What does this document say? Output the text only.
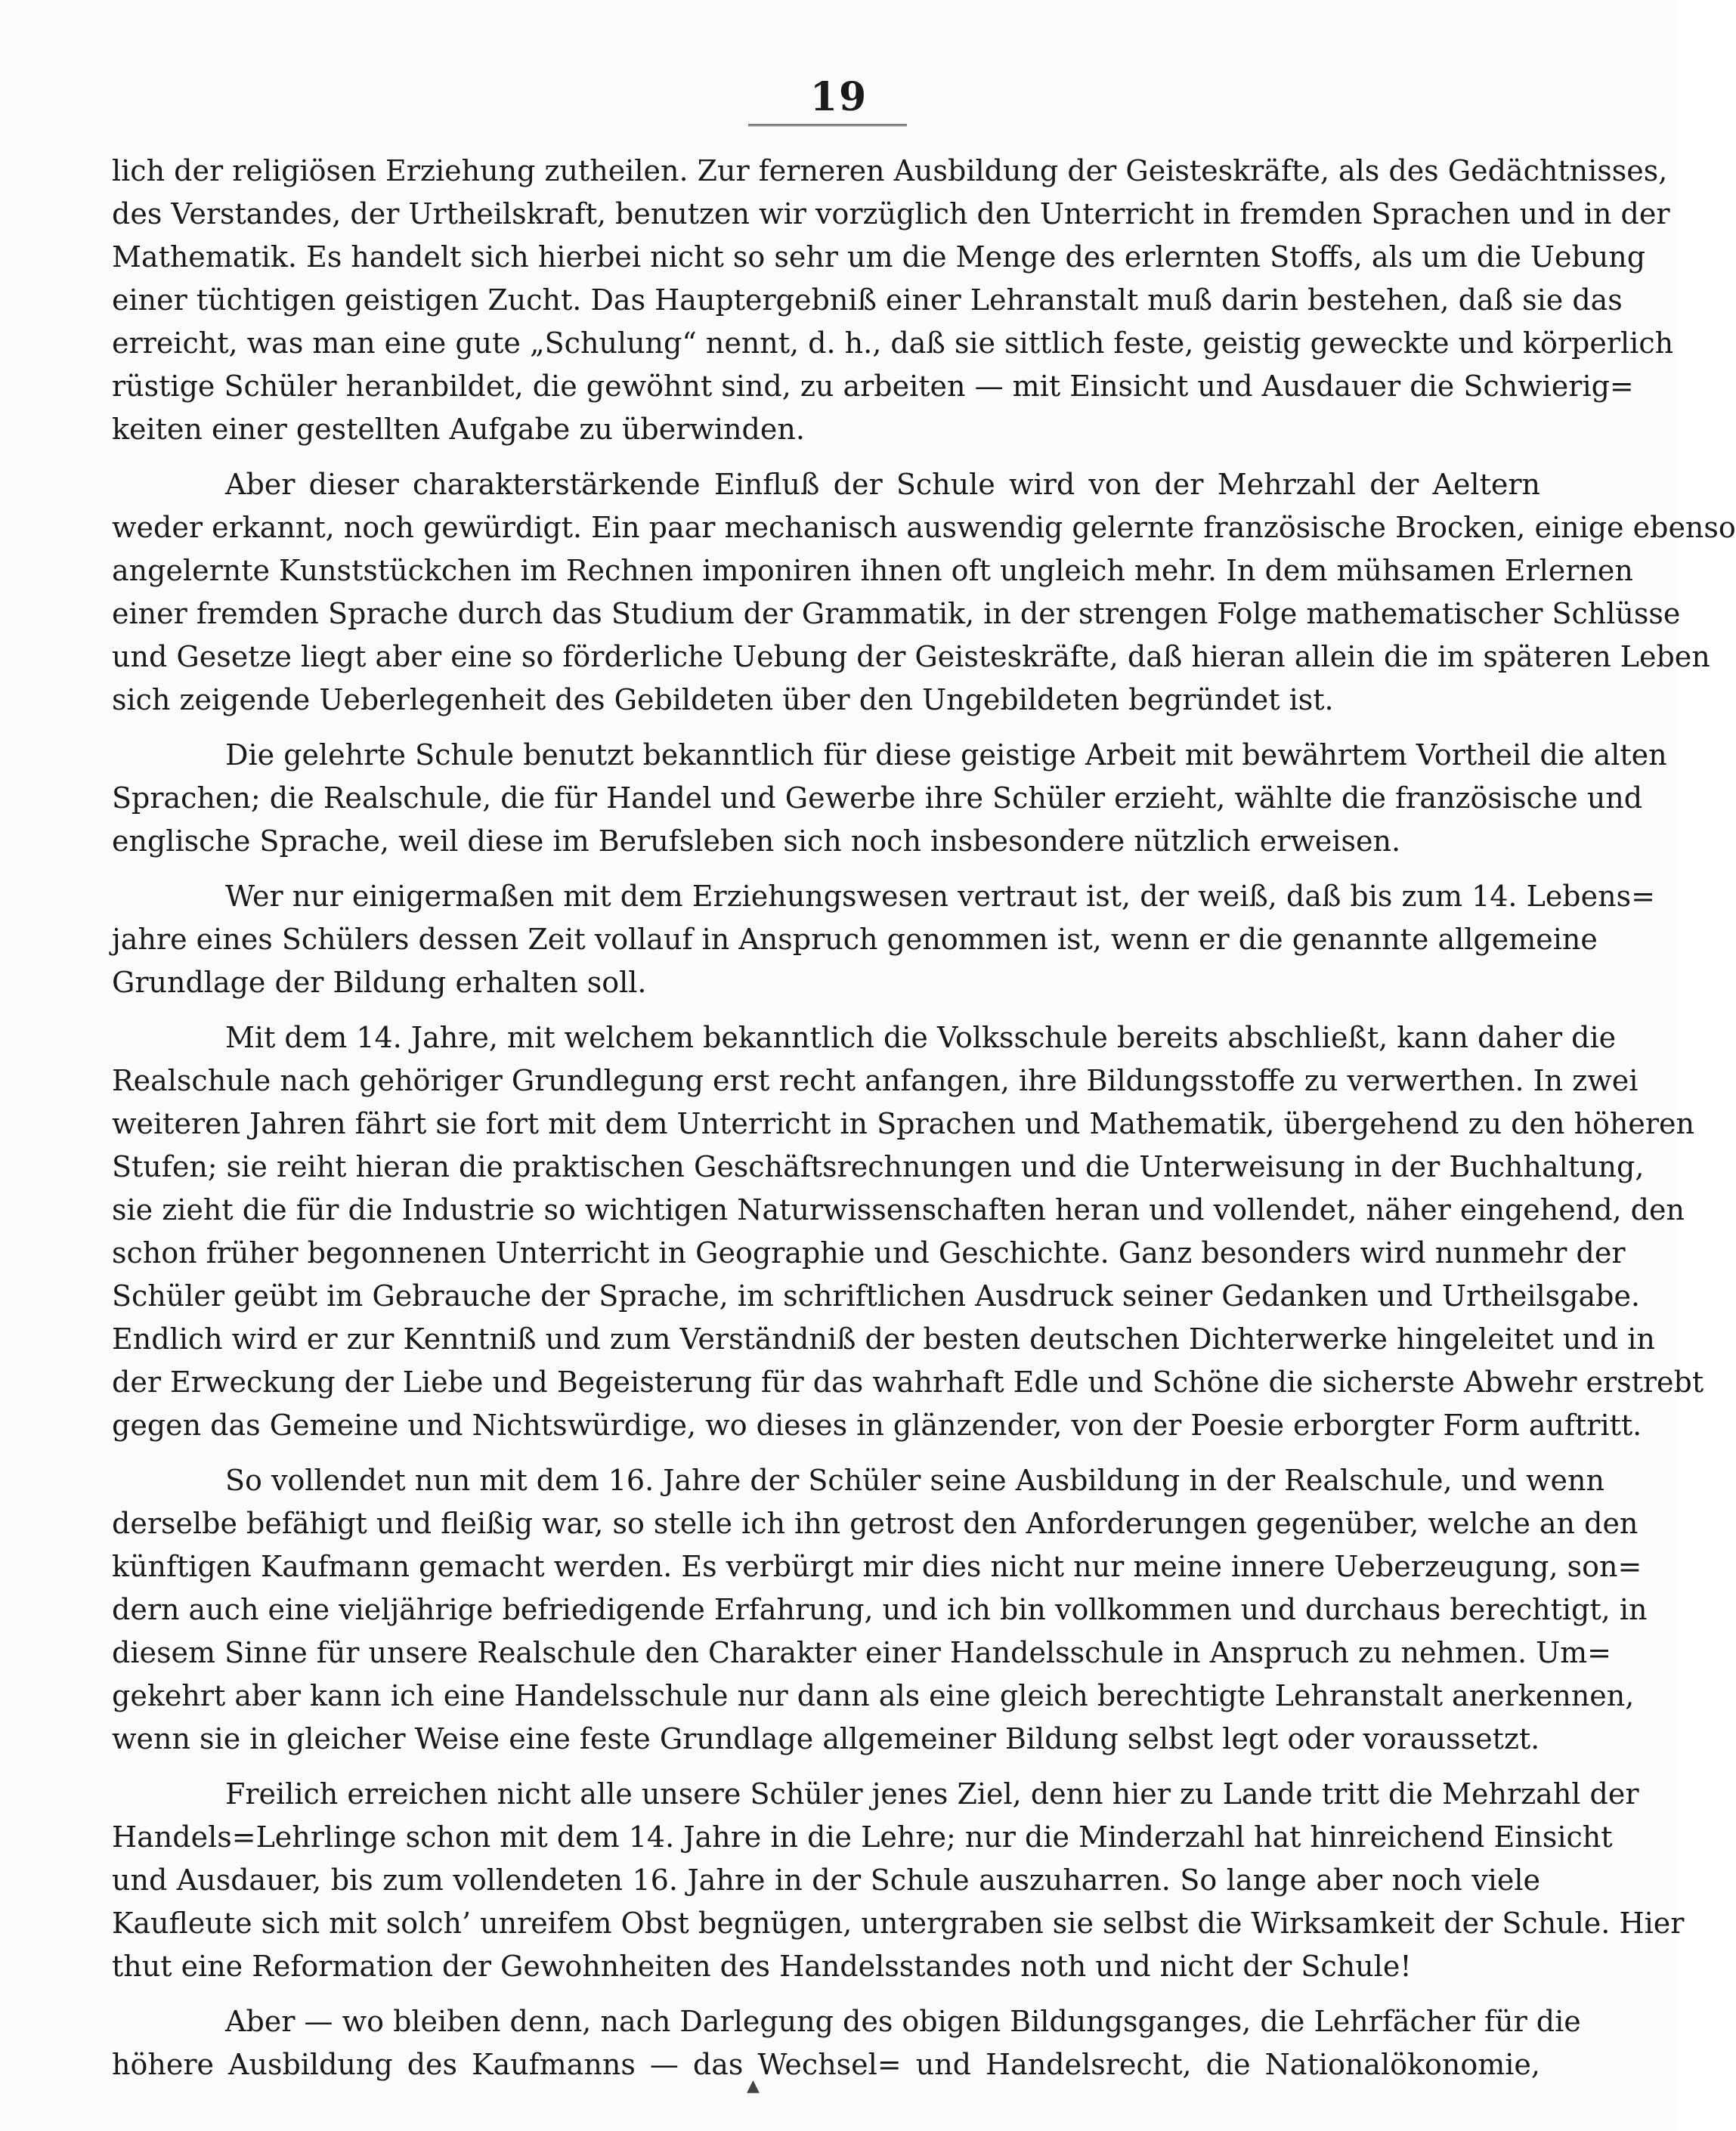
19
lich der religiösen Erziehung zutheilen. Zur ferneren Ausbildung der Geisteskräfte, als des Gedächtnisses,
des Verstandes, der Urtheilskraft, benutzen wir vorzüglich den Unterricht in fremden Sprachen und in der
Mathematik. Es handelt sich hierbei nicht so sehr um die Menge des erlernten Stoffs, als um die Uebung
einer tüchtigen geistigen Zucht. Das Hauptergebniß einer Lehranstalt muß darin bestehen, daß sie das
erreicht, was man eine gute „Schulung“ nennt, d. h., daß sie sittlich feste, geistig geweckte und körperlich
rüstige Schüler heranbildet, die gewöhnt sind, zu arbeiten — mit Einsicht und Ausdauer die Schwierig=
keiten einer gestellten Aufgabe zu überwinden.
Aber dieser charakterstärkende Einfluß der Schule wird von der Mehrzahl der Aeltern
weder erkannt, noch gewürdigt. Ein paar mechanisch auswendig gelernte französische Brocken, einige ebenso
angelernte Kunststückchen im Rechnen imponiren ihnen oft ungleich mehr. In dem mühsamen Erlernen
einer fremden Sprache durch das Studium der Grammatik, in der strengen Folge mathematischer Schlüsse
und Gesetze liegt aber eine so förderliche Uebung der Geisteskräfte, daß hieran allein die im späteren Leben
sich zeigende Ueberlegenheit des Gebildeten über den Ungebildeten begründet ist.
Die gelehrte Schule benutzt bekanntlich für diese geistige Arbeit mit bewährtem Vortheil die alten
Sprachen; die Realschule, die für Handel und Gewerbe ihre Schüler erzieht, wählte die französische und
englische Sprache, weil diese im Berufsleben sich noch insbesondere nützlich erweisen.
Wer nur einigermaßen mit dem Erziehungswesen vertraut ist, der weiß, daß bis zum 14. Lebens=
jahre eines Schülers dessen Zeit vollauf in Anspruch genommen ist, wenn er die genannte allgemeine
Grundlage der Bildung erhalten soll.
Mit dem 14. Jahre, mit welchem bekanntlich die Volksschule bereits abschließt, kann daher die
Realschule nach gehöriger Grundlegung erst recht anfangen, ihre Bildungsstoffe zu verwerthen. In zwei
weiteren Jahren fährt sie fort mit dem Unterricht in Sprachen und Mathematik, übergehend zu den höheren
Stufen; sie reiht hieran die praktischen Geschäftsrechnungen und die Unterweisung in der Buchhaltung,
sie zieht die für die Industrie so wichtigen Naturwissenschaften heran und vollendet, näher eingehend, den
schon früher begonnenen Unterricht in Geographie und Geschichte. Ganz besonders wird nunmehr der
Schüler geübt im Gebrauche der Sprache, im schriftlichen Ausdruck seiner Gedanken und Urtheilsgabe.
Endlich wird er zur Kenntniß und zum Verständniß der besten deutschen Dichterwerke hingeleitet und in
der Erweckung der Liebe und Begeisterung für das wahrhaft Edle und Schöne die sicherste Abwehr erstrebt
gegen das Gemeine und Nichtswürdige, wo dieses in glänzender, von der Poesie erborgter Form auftritt.
So vollendet nun mit dem 16. Jahre der Schüler seine Ausbildung in der Realschule, und wenn
derselbe befähigt und fleißig war, so stelle ich ihn getrost den Anforderungen gegenüber, welche an den
künftigen Kaufmann gemacht werden. Es verbürgt mir dies nicht nur meine innere Ueberzeugung, son=
dern auch eine vieljährige befriedigende Erfahrung, und ich bin vollkommen und durchaus berechtigt, in
diesem Sinne für unsere Realschule den Charakter einer Handelsschule in Anspruch zu nehmen. Um=
gekehrt aber kann ich eine Handelsschule nur dann als eine gleich berechtigte Lehranstalt anerkennen,
wenn sie in gleicher Weise eine feste Grundlage allgemeiner Bildung selbst legt oder voraussetzt.
Freilich erreichen nicht alle unsere Schüler jenes Ziel, denn hier zu Lande tritt die Mehrzahl der
Handels=Lehrlinge schon mit dem 14. Jahre in die Lehre; nur die Minderzahl hat hinreichend Einsicht
und Ausdauer, bis zum vollendeten 16. Jahre in der Schule auszuharren. So lange aber noch viele
Kaufleute sich mit solch’ unreifem Obst begnügen, untergraben sie selbst die Wirksamkeit der Schule. Hier
thut eine Reformation der Gewohnheiten des Handelsstandes noth und nicht der Schule!
Aber — wo bleiben denn, nach Darlegung des obigen Bildungsganges, die Lehrfächer für die
höhere Ausbildung des Kaufmanns — das Wechsel= und Handelsrecht, die Nationalökonomie,
▲
